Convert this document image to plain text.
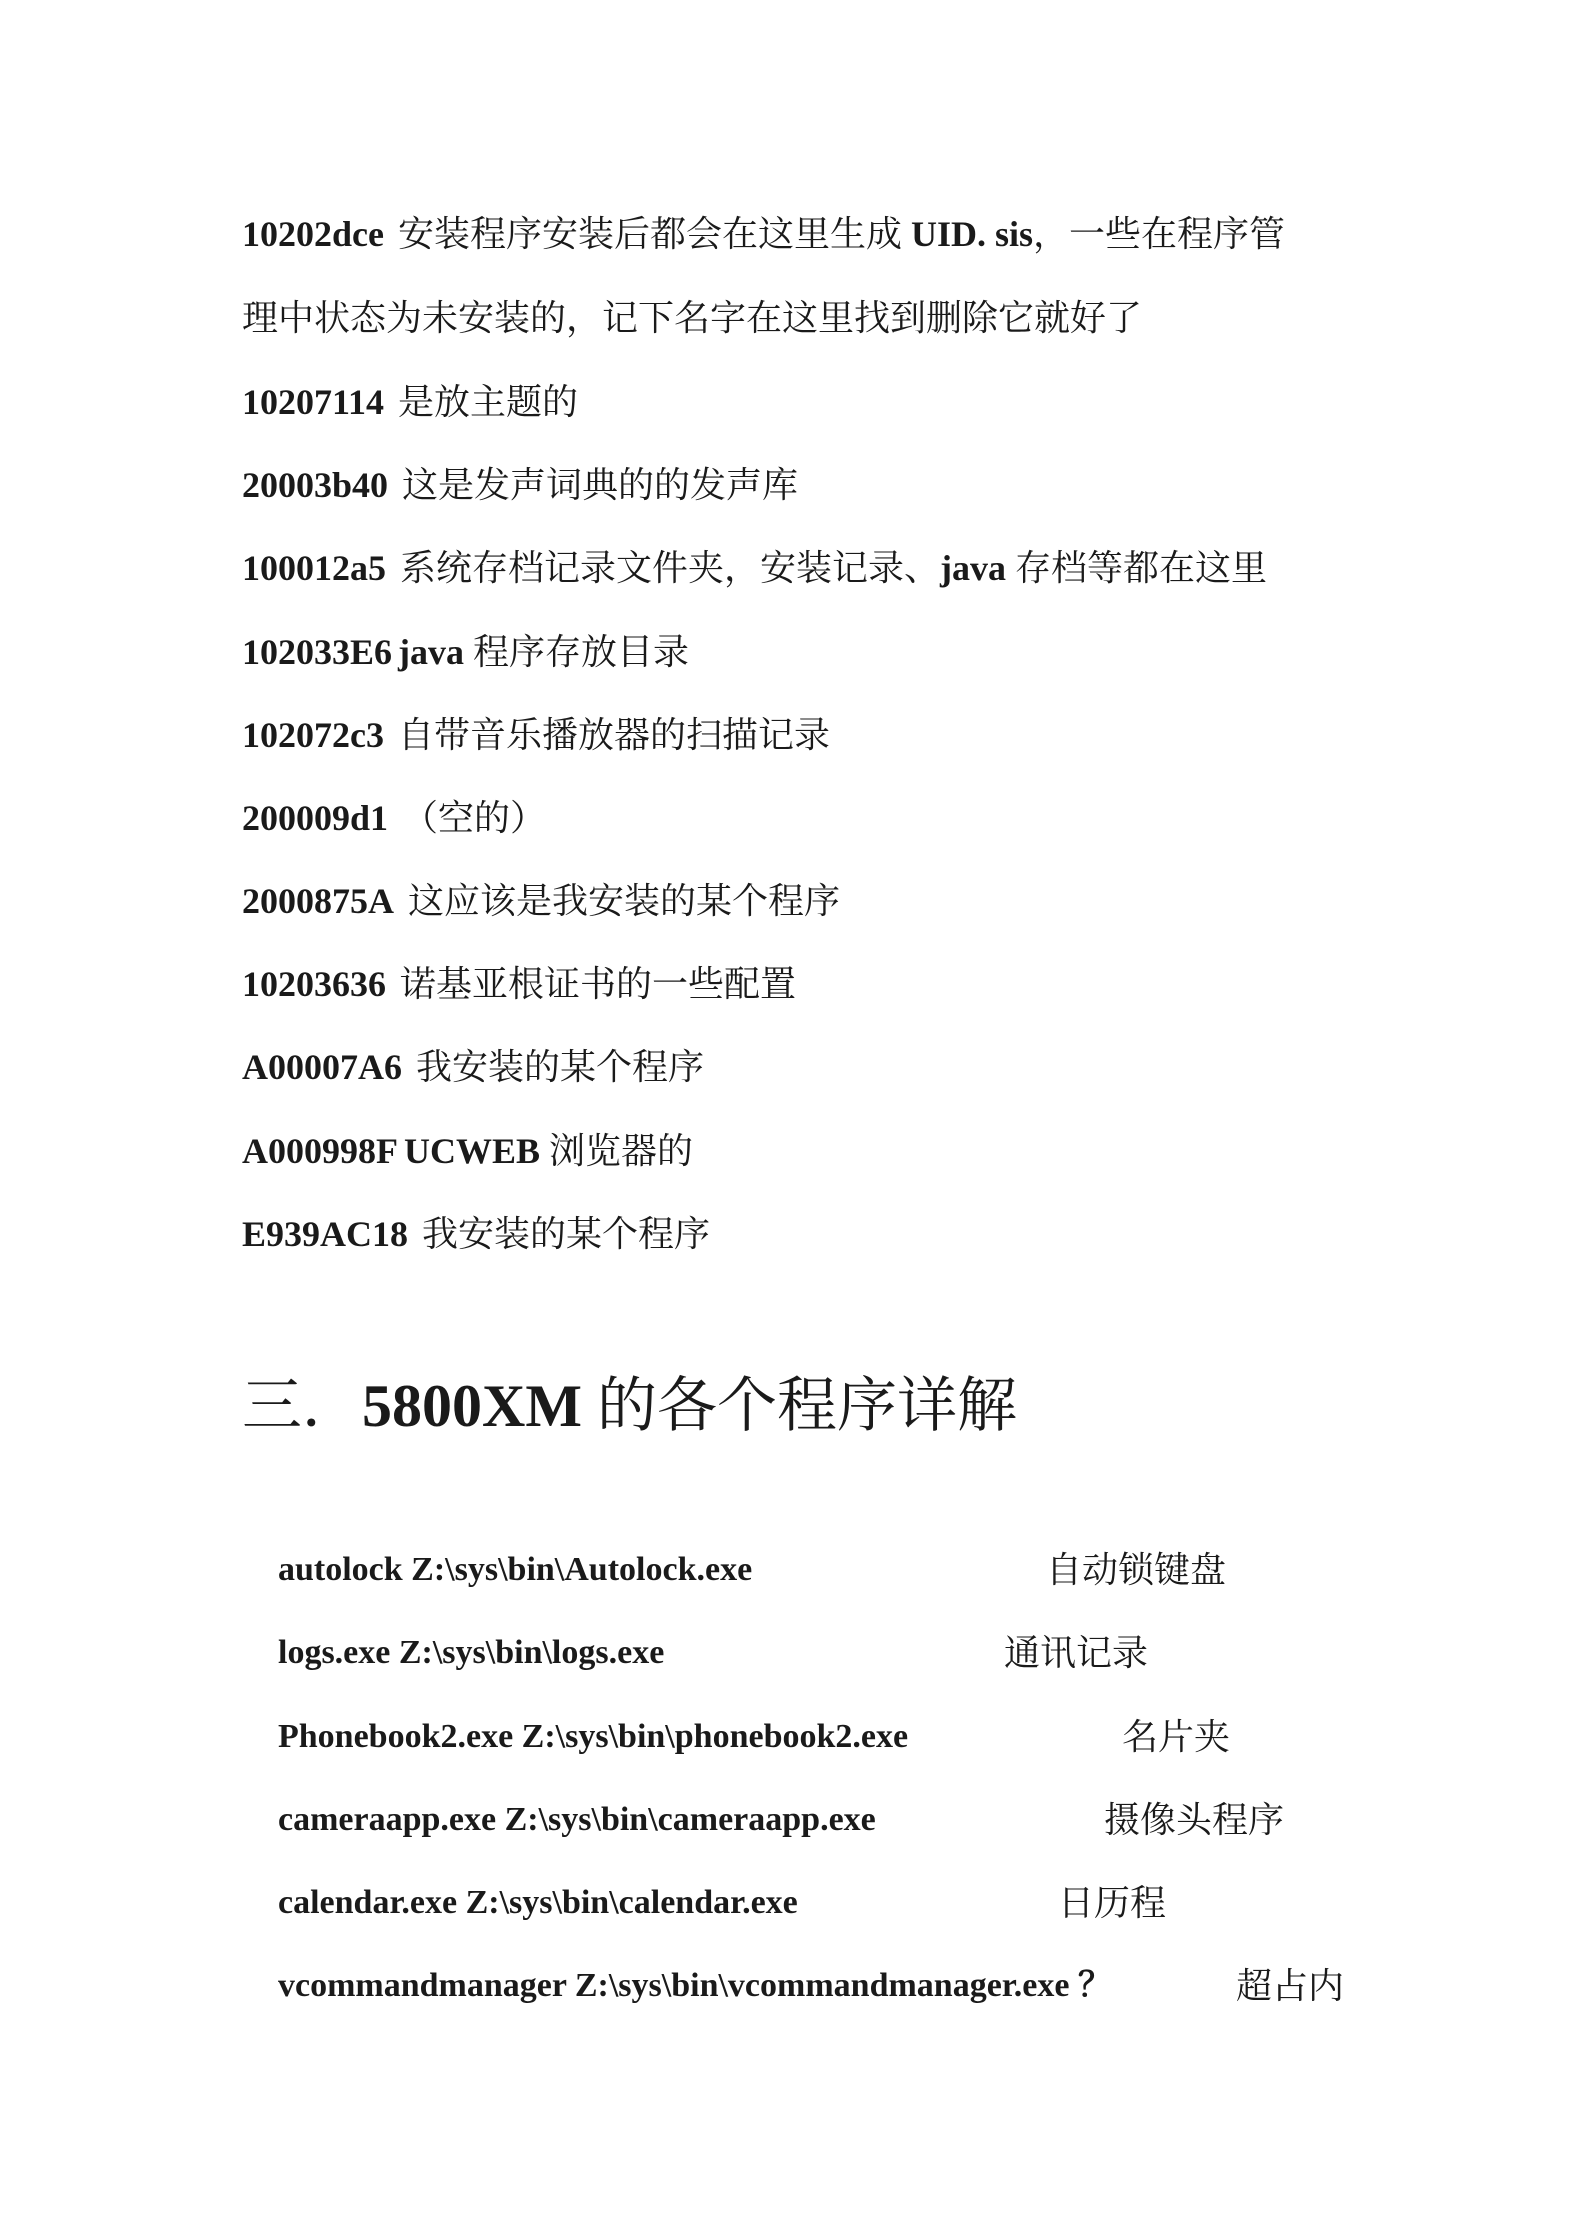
10202dce 安装程序安装后都会在这里生成 UID. sis，一些在程序管
理中状态为未安装的，记下名字在这里找到删除它就好了
10207114 是放主题的
20003b40 这是发声词典的的发声库
100012a5 系统存档记录文件夹，安装记录、java 存档等都在这里
102033E6 java 程序存放目录
102072c3 自带音乐播放器的扫描记录
200009d1 （空的）
2000875A 这应该是我安装的某个程序
10203636 诺基亚根证书的一些配置
A00007A6 我安装的某个程序
A000998F UCWEB 浏览器的
E939AC18 我安装的某个程序
三．5800XM 的各个程序详解
autolock Z:\sys\bin\Autolock.exe	自动锁键盘
logs.exe Z:\sys\bin\logs.exe	通讯记录
Phonebook2.exe Z:\sys\bin\phonebook2.exe	名片夹
cameraapp.exe Z:\sys\bin\cameraapp.exe	摄像头程序
calendar.exe Z:\sys\bin\calendar.exe	日历程
vcommandmanager Z:\sys\bin\vcommandmanager.exe ？	超占内
